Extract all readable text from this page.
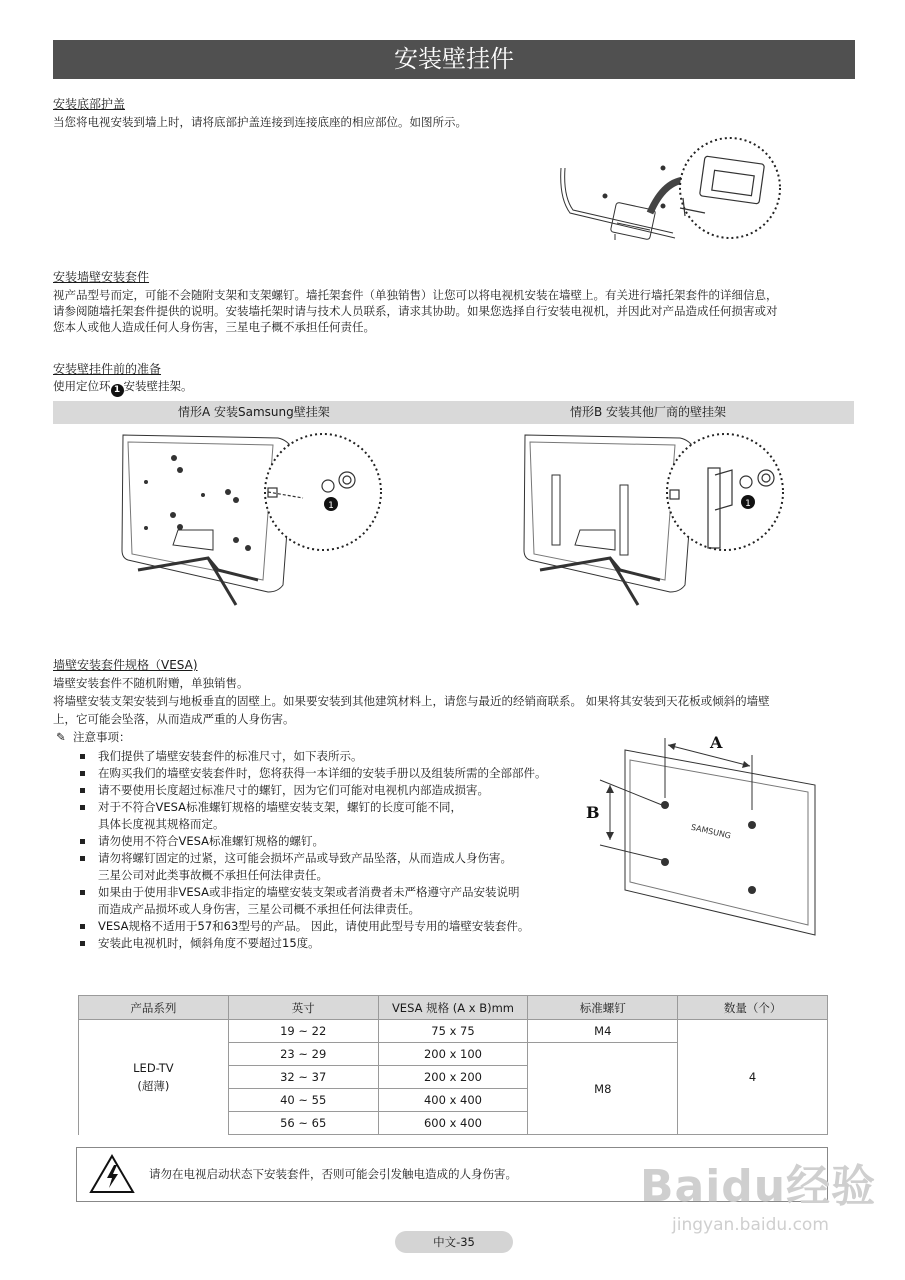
安装壁挂件
安装底部护盖
当您将电视安装到墙上时，请将底部护盖连接到连接底座的相应部位。如图所示。
安装墙壁安装套件
视产品型号而定，可能不会随附支架和支架螺钉。墙托架套件（单独销售）让您可以将电视机安装在墙壁上。有关进行墙托架套件的详细信息，
请参阅随墙托架套件提供的说明。安装墙托架时请与技术人员联系，请求其协助。如果您选择自行安装电视机，并因此对产品造成任何损害或对
您本人或他人造成任何人身伤害，三星电子概不承担任何责任。
安装壁挂件前的准备
使用定位环 1 安装壁挂架。
情形A 安装Samsung壁挂架	情形B 安装其他厂商的壁挂架
1	1
墙壁安装套件规格（VESA)
墙壁安装套件不随机附赠，单独销售。
将墙壁安装支架安装到与地板垂直的固壁上。如果要安装到其他建筑材料上，请您与最近的经销商联系。 如果将其安装到天花板或倾斜的墙壁
上，它可能会坠落，从而造成严重的人身伤害。
✎ 注意事项：
我们提供了墙壁安装套件的标准尺寸，如下表所示。
在购买我们的墙壁安装套件时，您将获得一本详细的安装手册以及组装所需的全部部件。
请不要使用长度超过标准尺寸的螺钉，因为它们可能对电视机内部造成损害。
对于不符合VESA标准螺钉规格的墙壁安装支架，螺钉的长度可能不同，
具体长度视其规格而定。
请勿使用不符合VESA标准螺钉规格的螺钉。
请勿将螺钉固定的过紧，这可能会损坏产品或导致产品坠落，从而造成人身伤害。
三星公司对此类事故概不承担任何法律责任。
如果由于使用非VESA或非指定的墙壁安装支架或者消费者未严格遵守产品安装说明
而造成产品损坏或人身伤害，三星公司概不承担任何法律责任。
VESA规格不适用于57和63型号的产品。 因此，请使用此型号专用的墙壁安装套件。
安装此电视机时，倾斜角度不要超过15度。
A
B
SAMSUNG
产品系列	英寸	VESA 规格 (A x B)mm	标准螺钉	数量（个）
LED-TV
(超薄)	19 ~ 22	75 x 75	M4	4
	23 ~ 29	200 x 100	M8	
	32 ~ 37	200 x 200		
	40 ~ 55	400 x 400		
	56 ~ 65	600 x 400		
请勿在电视启动状态下安装套件，否则可能会引发触电造成的人身伤害。	Baidu经验
jingyan.baidu.com
中文-35
